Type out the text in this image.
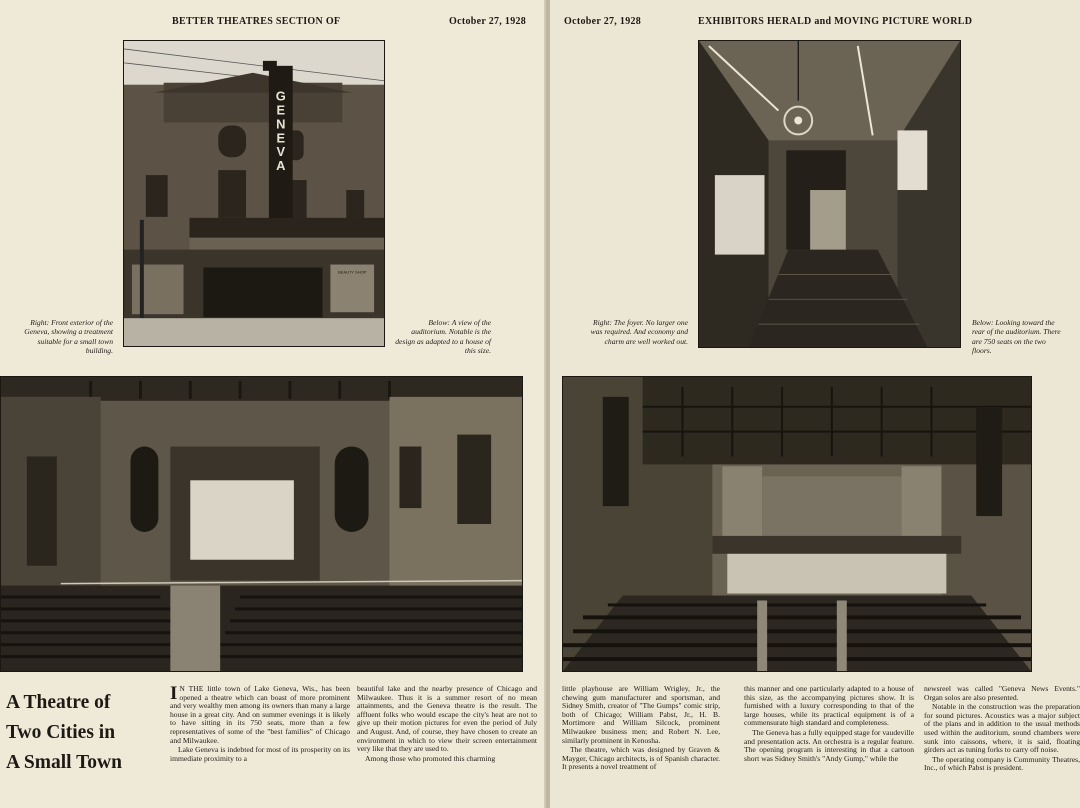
BETTER THEATRES SECTION OF	October 27, 1928
G E N E V A
BEAUTY SHOP
Right: Front exterior of the Geneva, showing a treatment suitable for a small town building.
Below: A view of the auditorium. Notable is the design as adapted to a house of this size.
A Theatre of
Two Cities in
A Small Town

I N THE little town of Lake Geneva, Wis., has been opened a theatre which can boast of more prominent and very wealthy men among its owners than many a large house in a great city. And on summer evenings it is likely to have sitting in its 750 seats, more than a few representatives of some of the "best families" of Chicago and Milwaukee.

Lake Geneva is indebted for most of its prosperity on its immediate proximity to a

beautiful lake and the nearby presence of Chicago and Milwaukee. Thus it is a summer resort of no mean attainments, and the Geneva theatre is the result. The affluent folks who would escape the city's heat are not to give up their motion pictures for even the period of July and August. And, of course, they have chosen to create an environment in which to view their screen entertainment very like that they are used to.

Among those who promoted this charming

October 27, 1928	EXHIBITORS HERALD and MOVING PICTURE WORLD
Right: The foyer. No larger one was required. And economy and charm are well worked out.
Below: Looking toward the rear of the auditorium. There are 750 seats on the two floors.

little playhouse are William Wrigley, Jr., the chewing gum manufacturer and sportsman, and Sidney Smith, creator of "The Gumps" comic strip, both of Chicago; William Pabst, Jr., H. B. Mortimore and William Silcock, prominent Milwaukee business men; and Robert N. Lee, similarly prominent in Kenosha.

The theatre, which was designed by Graven & Mayger, Chicago architects, is of Spanish character. It presents a novel treatment of

this manner and one particularly adapted to a house of this size, as the accompanying pictures show. It is furnished with a luxury corresponding to that of the large houses, while its practical equipment is of a commensurate high standard and completeness.

The Geneva has a fully equipped stage for vaudeville and presentation acts. An orchestra is a regular feature. The opening program is interesting in that a cartoon short was Sidney Smith's "Andy Gump," while the

newsreel was called "Geneva News Events." Organ solos are also presented.

Notable in the construction was the preparation for sound pictures. Acoustics was a major subject of the plans and in addition to the usual methods used within the auditorium, sound chambers were sunk into caissons, where, it is said, floating girders act as tuning forks to carry off noise.

The operating company is Community Theatres, Inc., of which Pabst is president.
